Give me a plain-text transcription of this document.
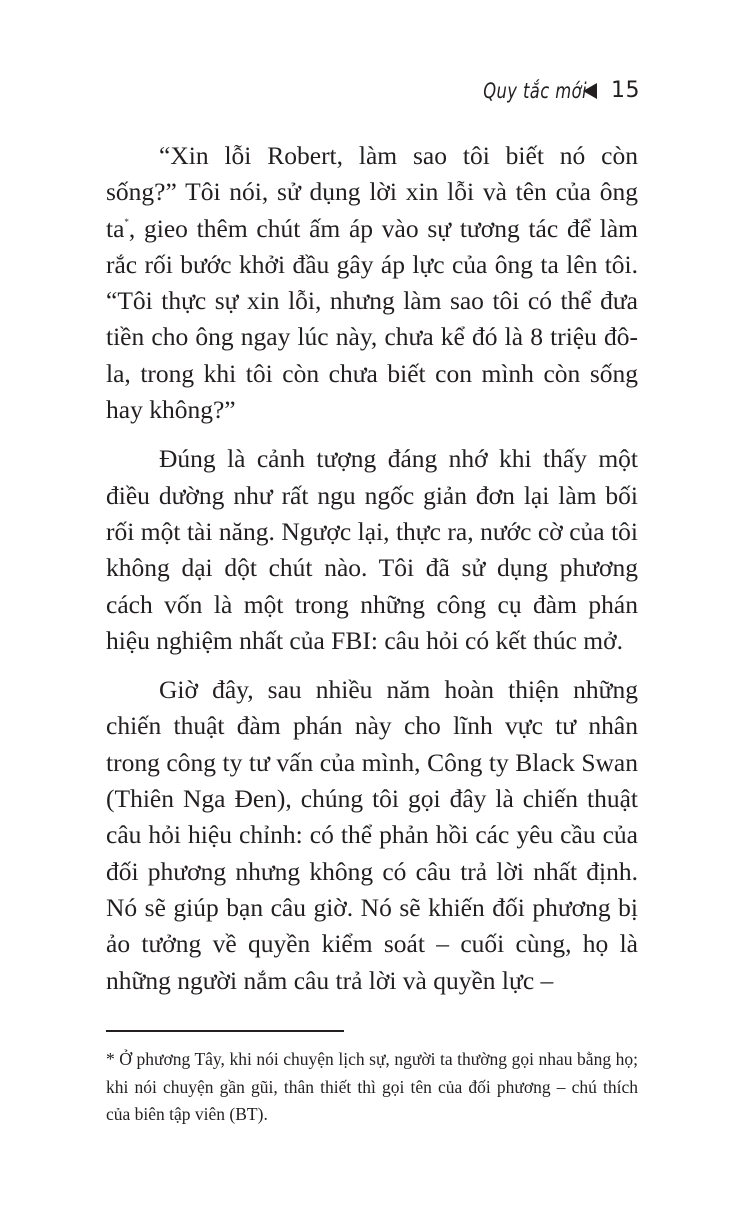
Quy tắc mới 15

“Xin lỗi Robert, làm sao tôi biết nó còn sống?” Tôi nói, sử dụng lời xin lỗi và tên của ông ta*, gieo thêm chút ấm áp vào sự tương tác để làm rắc rối bước khởi đầu gây áp lực của ông ta lên tôi. “Tôi thực sự xin lỗi, nhưng làm sao tôi có thể đưa tiền cho ông ngay lúc này, chưa kể đó là 8 triệu đô-la, trong khi tôi còn chưa biết con mình còn sống hay không?”

Đúng là cảnh tượng đáng nhớ khi thấy một điều dường như rất ngu ngốc giản đơn lại làm bối rối một tài năng. Ngược lại, thực ra, nước cờ của tôi không dại dột chút nào. Tôi đã sử dụng phương cách vốn là một trong những công cụ đàm phán hiệu nghiệm nhất của FBI: câu hỏi có kết thúc mở.

Giờ đây, sau nhiều năm hoàn thiện những chiến thuật đàm phán này cho lĩnh vực tư nhân trong công ty tư vấn của mình, Công ty Black Swan (Thiên Nga Đen), chúng tôi gọi đây là chiến thuật câu hỏi hiệu chỉnh: có thể phản hồi các yêu cầu của đối phương nhưng không có câu trả lời nhất định. Nó sẽ giúp bạn câu giờ. Nó sẽ khiến đối phương bị ảo tưởng về quyền kiểm soát – cuối cùng, họ là những người nắm câu trả lời và quyền lực –

* Ở phương Tây, khi nói chuyện lịch sự, người ta thường gọi nhau bằng họ; khi nói chuyện gần gũi, thân thiết thì gọi tên của đối phương – chú thích của biên tập viên (BT).
